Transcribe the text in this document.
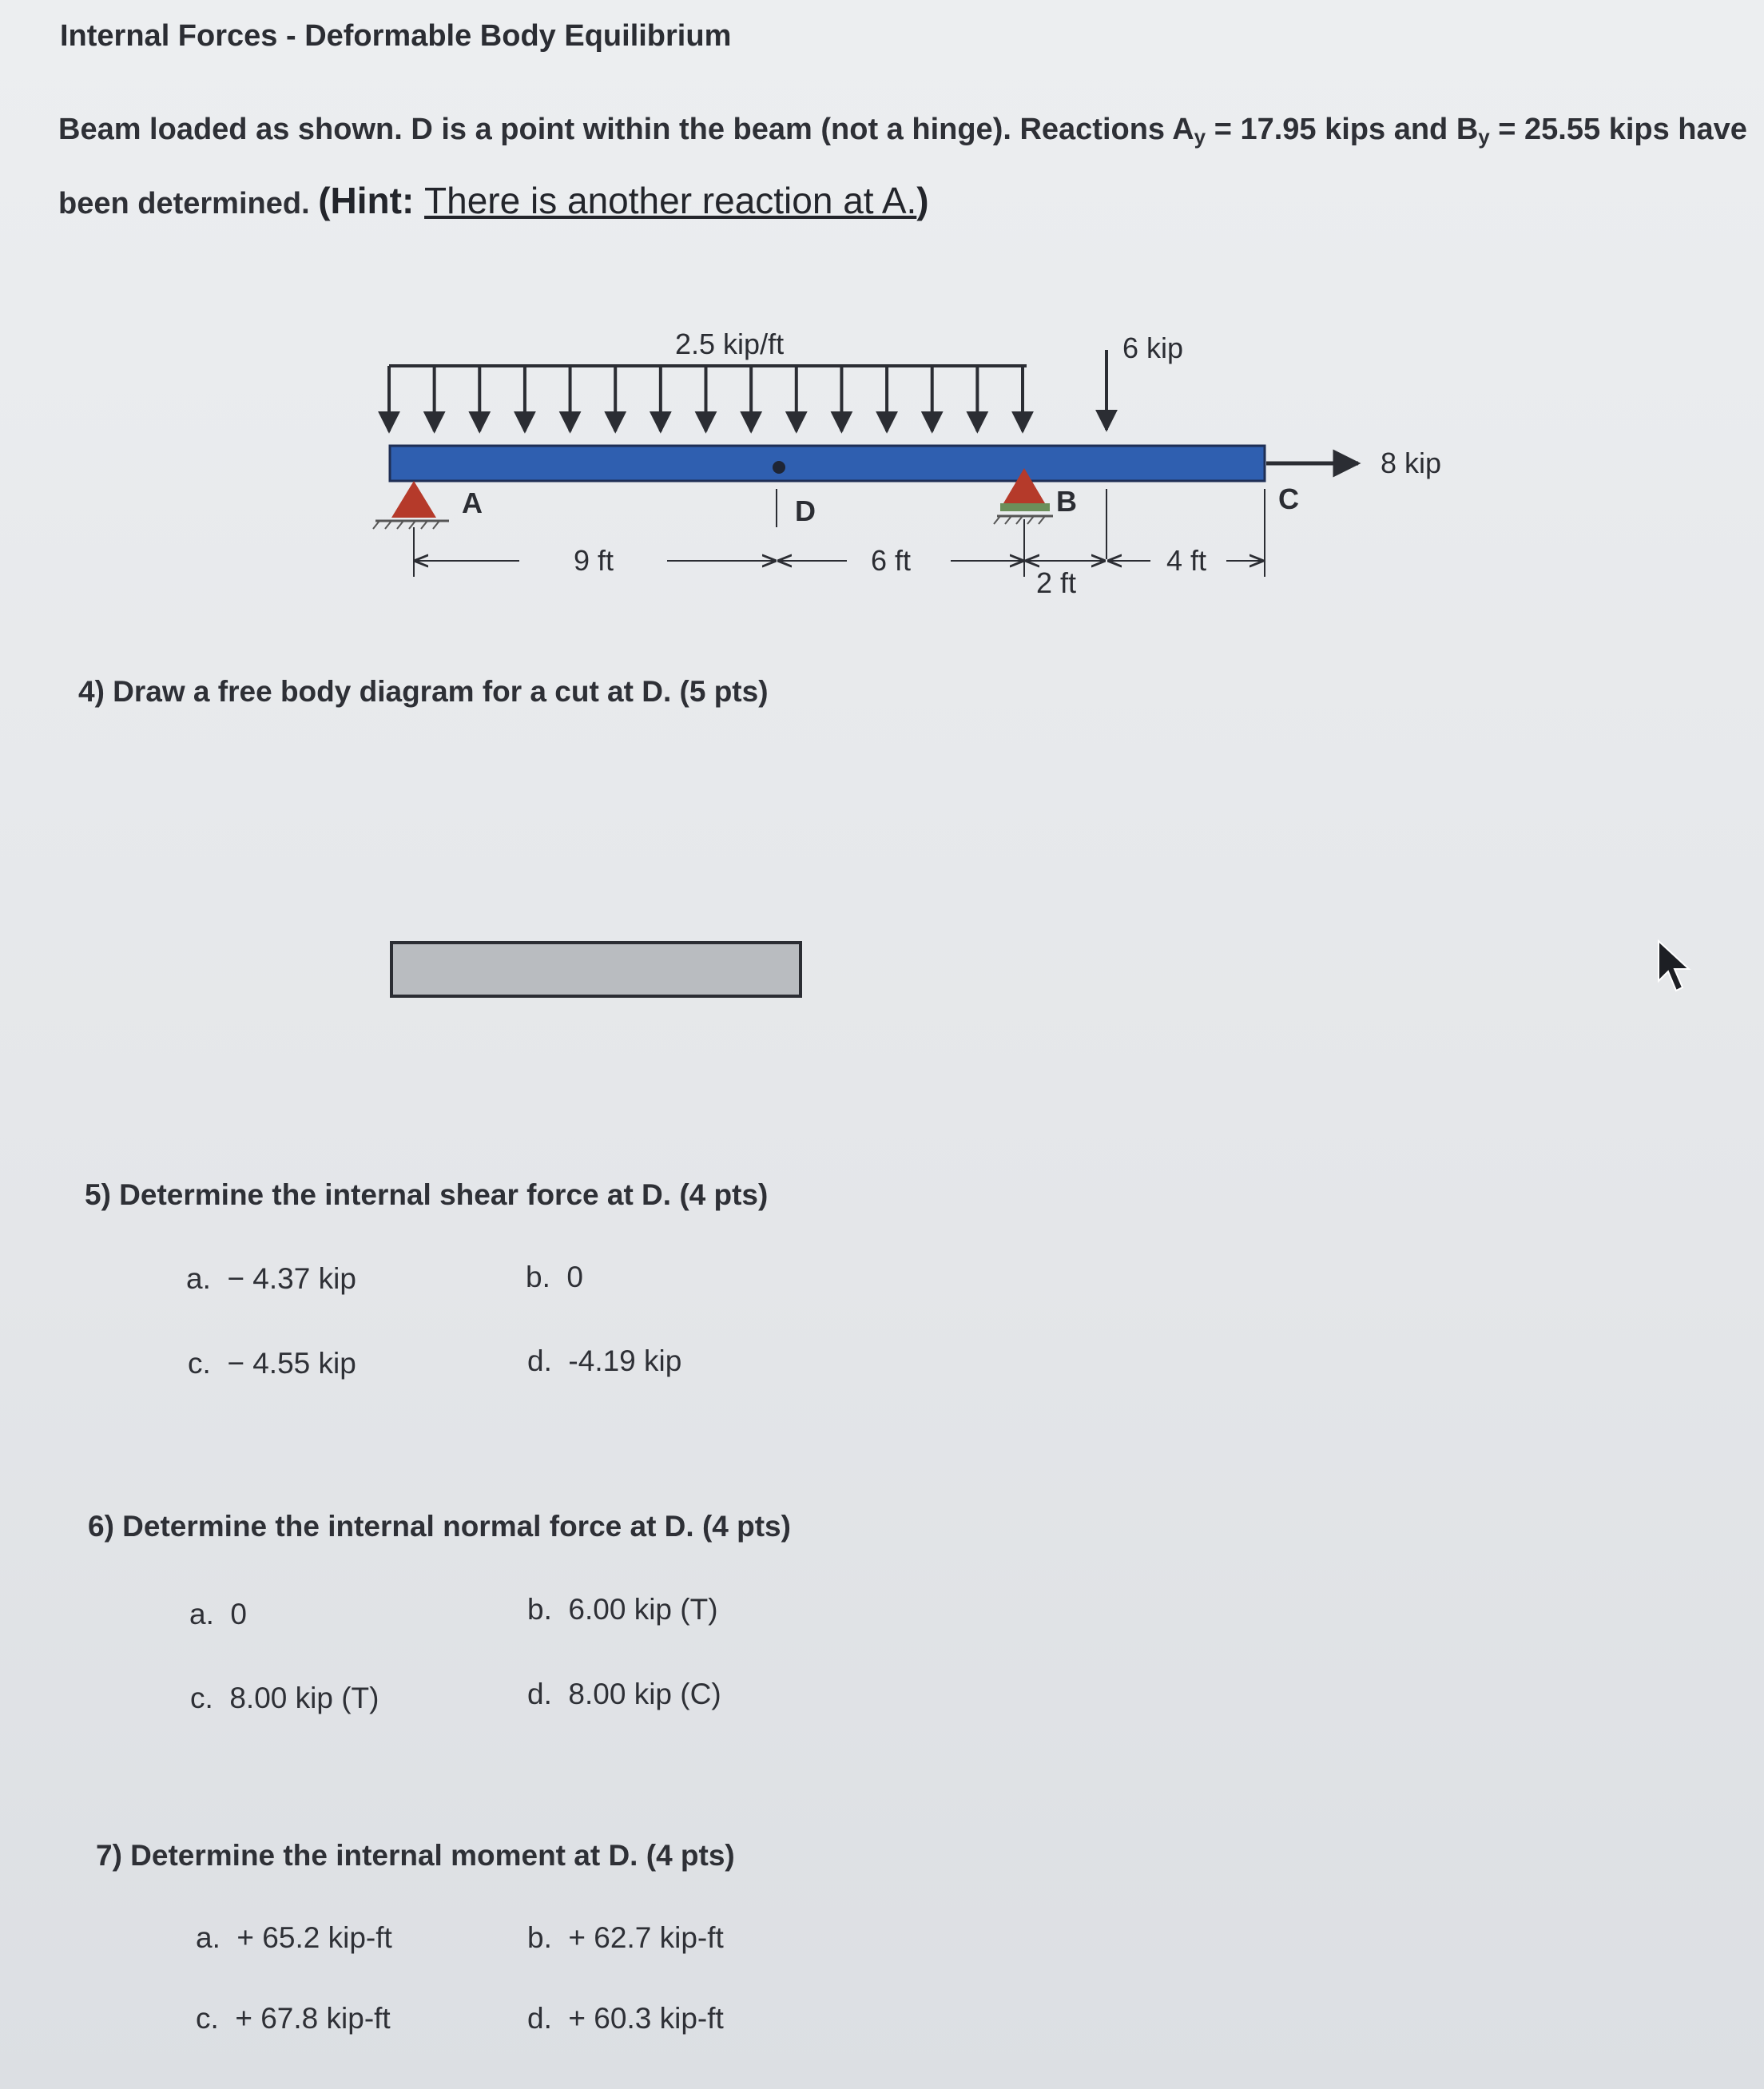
Internal Forces - Deformable Body Equilibrium
Beam loaded as shown. D is a point within the beam (not a hinge). Reactions $A_y = 17.95$ kips and $B_y = 25.55$ kips have
been determined. (Hint: There is another reaction at A.)
2.5 kip/ft	6 kip
8 kip
A	B
D	C
9 ft	6 ft
2 ft
4 ft
4) Draw a free body diagram for a cut at D. (5 pts)
5) Determine the internal shear force at D. (4 pts)
a. − 4.37 kip	b. 0
c. − 4.55 kip	d. -4.19 kip
6) Determine the internal normal force at D. (4 pts)
a. 0	b. 6.00 kip (T)
c. 8.00 kip (T)	d. 8.00 kip (C)
7) Determine the internal moment at D. (4 pts)
a. + 65.2 kip-ft	b. + 62.7 kip-ft
c. + 67.8 kip-ft	d. + 60.3 kip-ft
